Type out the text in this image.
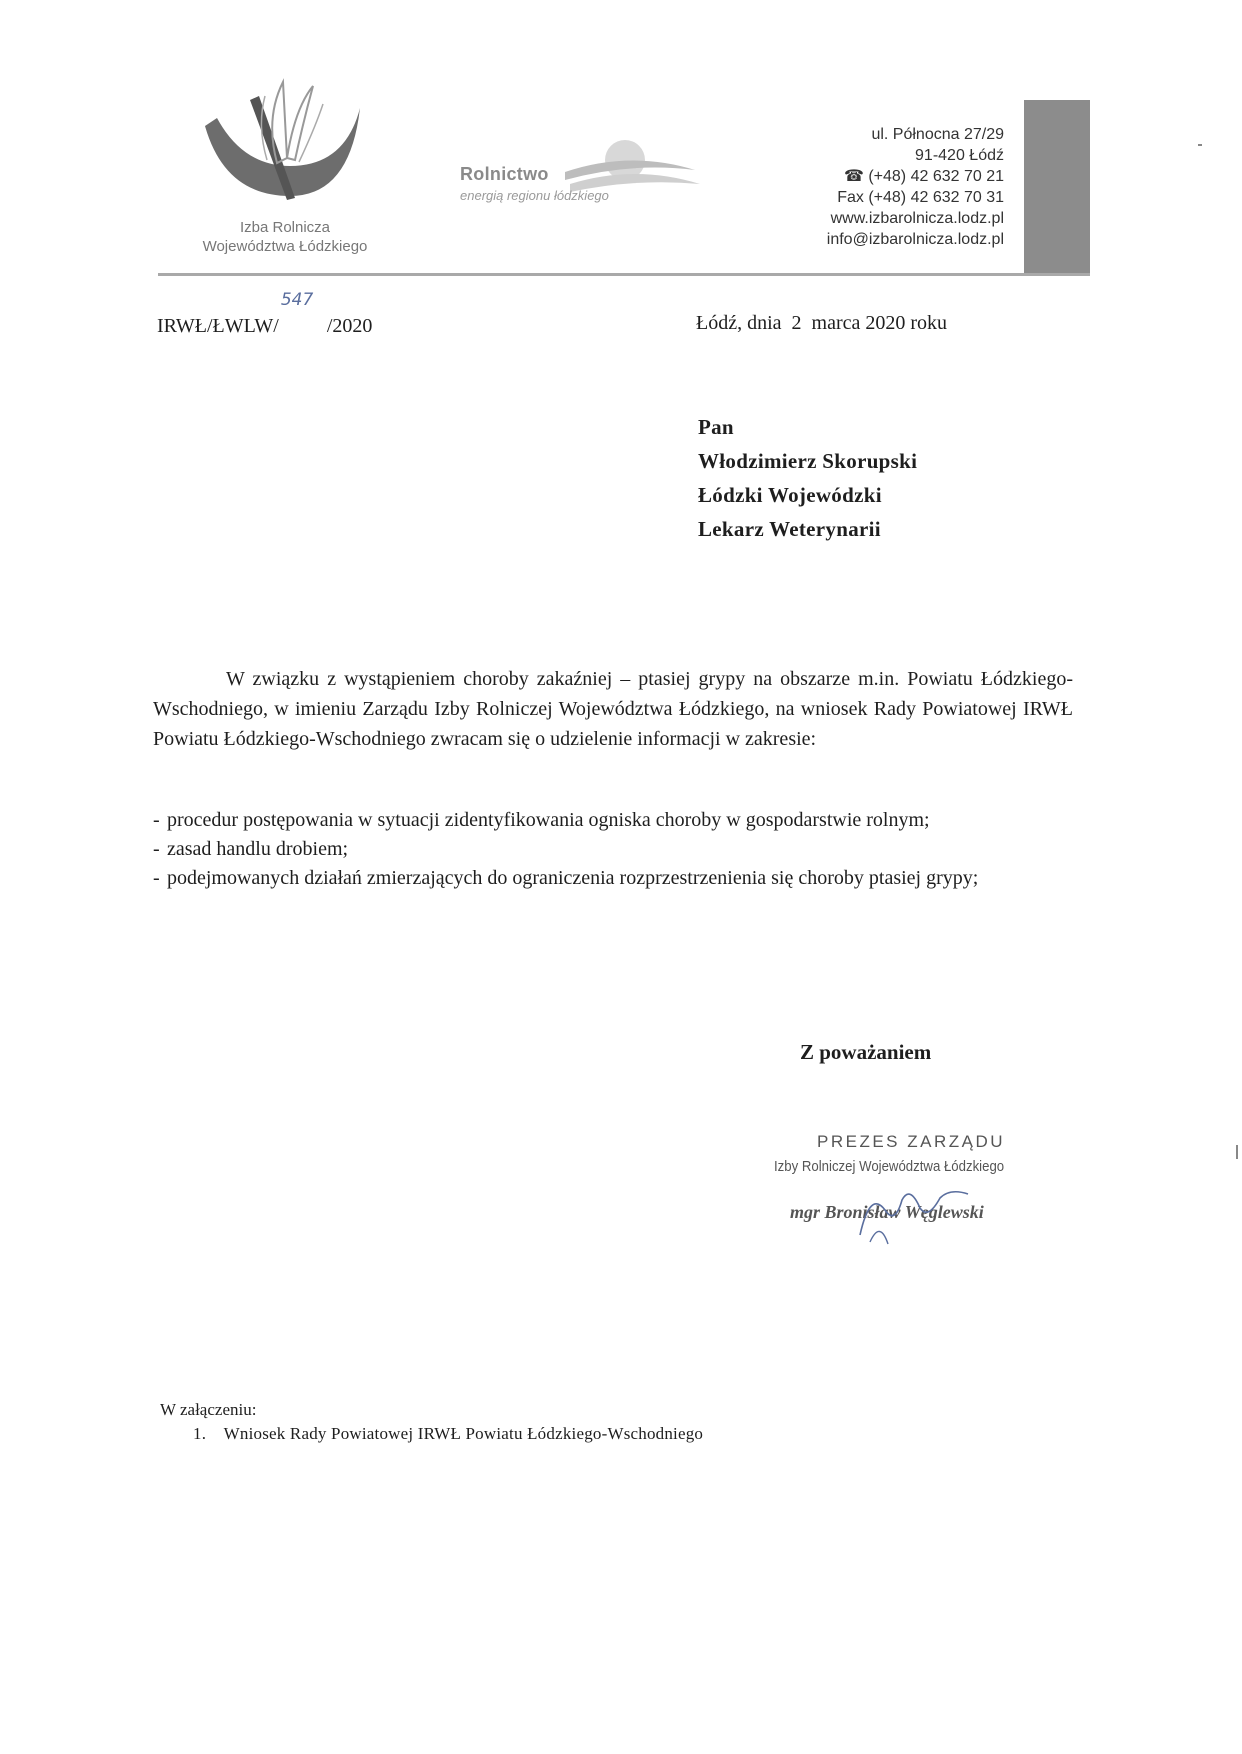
Izba Rolnicza
Województwa Łódzkiego
Rolnictwo
energią regionu łódzkiego
ul. Północna 27/29
91-420 Łódź
☎ (+48) 42 632 70 21
Fax (+48) 42 632 70 31
www.izbarolnicza.lodz.pl
info@izbarolnicza.lodz.pl
IRWŁ/ŁWLW/
547
/2020	Łódź, dnia  2  marca 2020 roku
Pan
Włodzimierz Skorupski
Łódzki Wojewódzki
Lekarz Weterynarii

W związku z wystąpieniem choroby zakaźniej – ptasiej grypy na obszarze m.in. Powiatu Łódzkiego-Wschodniego, w imieniu Zarządu Izby Rolniczej Województwa Łódzkiego, na wniosek Rady Powiatowej IRWŁ Powiatu Łódzkiego-Wschodniego zwracam się o udzielenie informacji w zakresie:

- procedur postępowania w sytuacji zidentyfikowania ogniska choroby w gospodarstwie rolnym;
- zasad handlu drobiem;
- podejmowanych działań zmierzających do ograniczenia rozprzestrzenienia się choroby ptasiej grypy;
Z poważaniem
PREZES ZARZĄDU
Izby Rolniczej Województwa Łódzkiego
mgr Bronisław Węglewski
W załączeniu:
1.    Wniosek Rady Powiatowej IRWŁ Powiatu Łódzkiego-Wschodniego
